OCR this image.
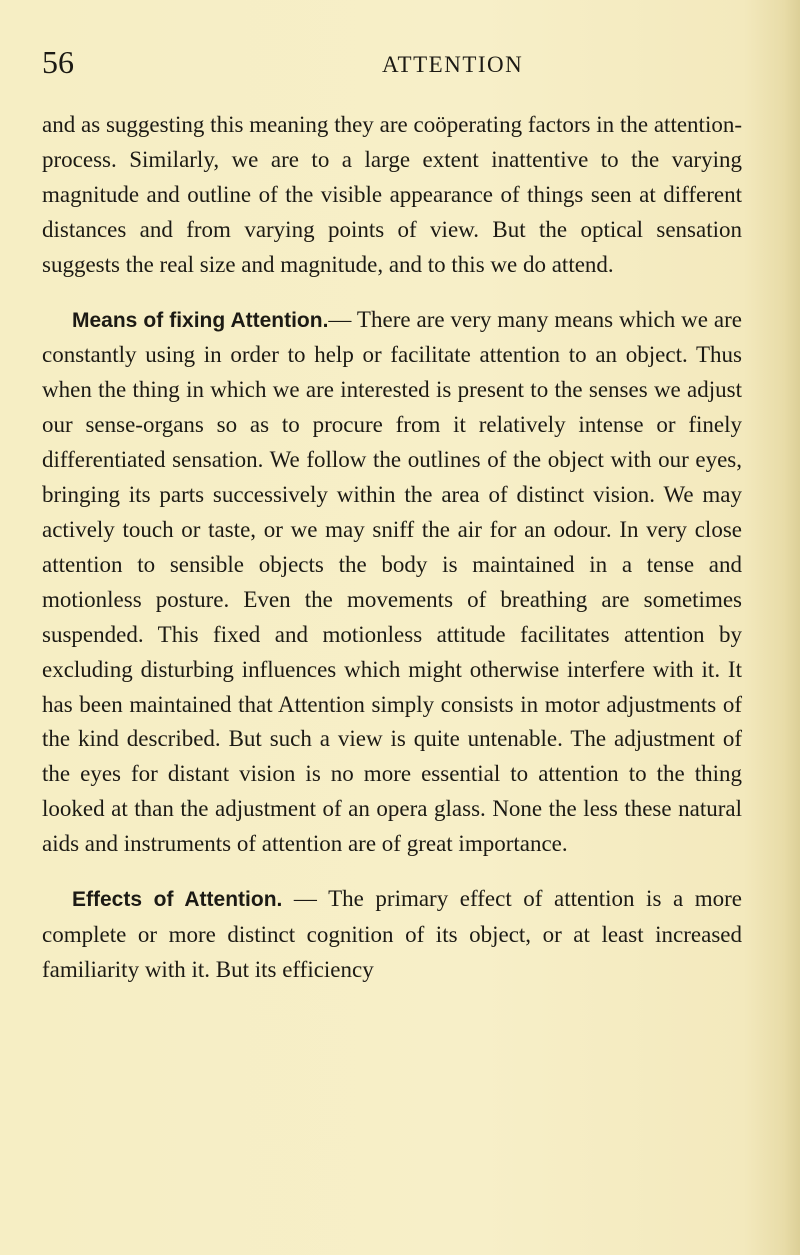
56	ATTENTION

and as suggesting this meaning they are coöperating factors in the attention-process. Similarly, we are to a large extent inattentive to the varying magnitude and outline of the visible appearance of things seen at different distances and from varying points of view. But the optical sensation suggests the real size and magnitude, and to this we do attend.

Means of fixing Attention.— There are very many means which we are constantly using in order to help or facilitate attention to an object. Thus when the thing in which we are interested is present to the senses we adjust our sense-organs so as to procure from it relatively intense or finely differentiated sensation. We follow the outlines of the object with our eyes, bringing its parts successively within the area of distinct vision. We may actively touch or taste, or we may sniff the air for an odour. In very close attention to sensible objects the body is maintained in a tense and motionless posture. Even the movements of breathing are sometimes suspended. This fixed and motionless attitude facilitates attention by excluding disturbing influences which might otherwise interfere with it. It has been maintained that Attention simply consists in motor adjustments of the kind described. But such a view is quite untenable. The adjustment of the eyes for distant vision is no more essential to attention to the thing looked at than the adjustment of an opera glass. None the less these natural aids and instruments of attention are of great importance.

Effects of Attention. — The primary effect of attention is a more complete or more distinct cognition of its object, or at least increased familiarity with it. But its efficiency
